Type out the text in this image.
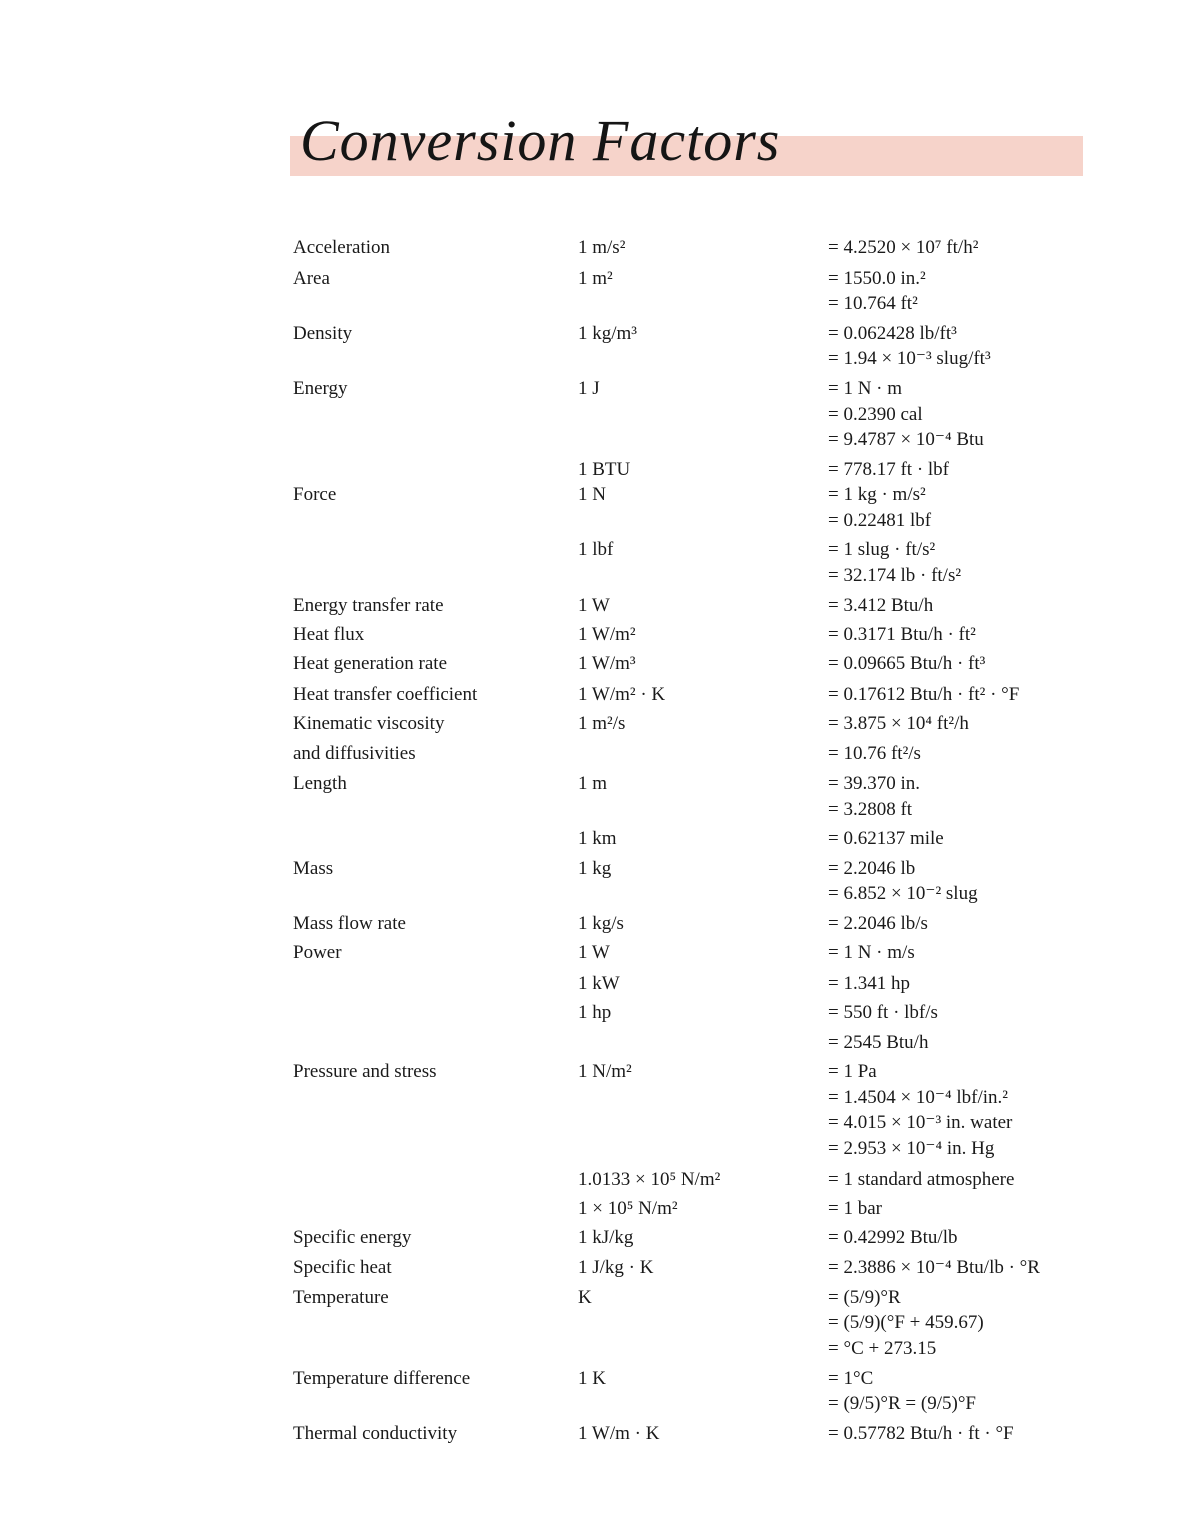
Conversion Factors
Acceleration	1 m/s²	= 4.2520 × 10⁷ ft/h²
Area	1 m²	= 1550.0 in.²
= 10.764 ft²
Density	1 kg/m³	= 0.062428 lb/ft³
= 1.94 × 10⁻³ slug/ft³
Energy	1 J	= 1 N · m
= 0.2390 cal
= 9.4787 × 10⁻⁴ Btu
1 BTU	= 778.17 ft · lbf
Force	1 N	= 1 kg · m/s²
= 0.22481 lbf
1 lbf	= 1 slug · ft/s²
= 32.174 lb · ft/s²
Energy transfer rate	1 W	= 3.412 Btu/h
Heat flux	1 W/m²	= 0.3171 Btu/h · ft²
Heat generation rate	1 W/m³	= 0.09665 Btu/h · ft³
Heat transfer coefficient	1 W/m² · K	= 0.17612 Btu/h · ft² · °F
Kinematic viscosity	1 m²/s	= 3.875 × 10⁴ ft²/h
and diffusivities	= 10.76 ft²/s
Length	1 m	= 39.370 in.
= 3.2808 ft
1 km	= 0.62137 mile
Mass	1 kg	= 2.2046 lb
= 6.852 × 10⁻² slug
Mass flow rate	1 kg/s	= 2.2046 lb/s
Power	1 W	= 1 N · m/s
1 kW	= 1.341 hp
1 hp	= 550 ft · lbf/s
= 2545 Btu/h
Pressure and stress	1 N/m²	= 1 Pa
= 1.4504 × 10⁻⁴ lbf/in.²
= 4.015 × 10⁻³ in. water
= 2.953 × 10⁻⁴ in. Hg
1.0133 × 10⁵ N/m²	= 1 standard atmosphere
1 × 10⁵ N/m²	= 1 bar
Specific energy	1 kJ/kg	= 0.42992 Btu/lb
Specific heat	1 J/kg · K	= 2.3886 × 10⁻⁴ Btu/lb · °R
Temperature	K	= (5/9)°R
= (5/9)(°F + 459.67)
= °C + 273.15
Temperature difference	1 K	= 1°C
= (9/5)°R = (9/5)°F
Thermal conductivity	1 W/m · K	= 0.57782 Btu/h · ft · °F
